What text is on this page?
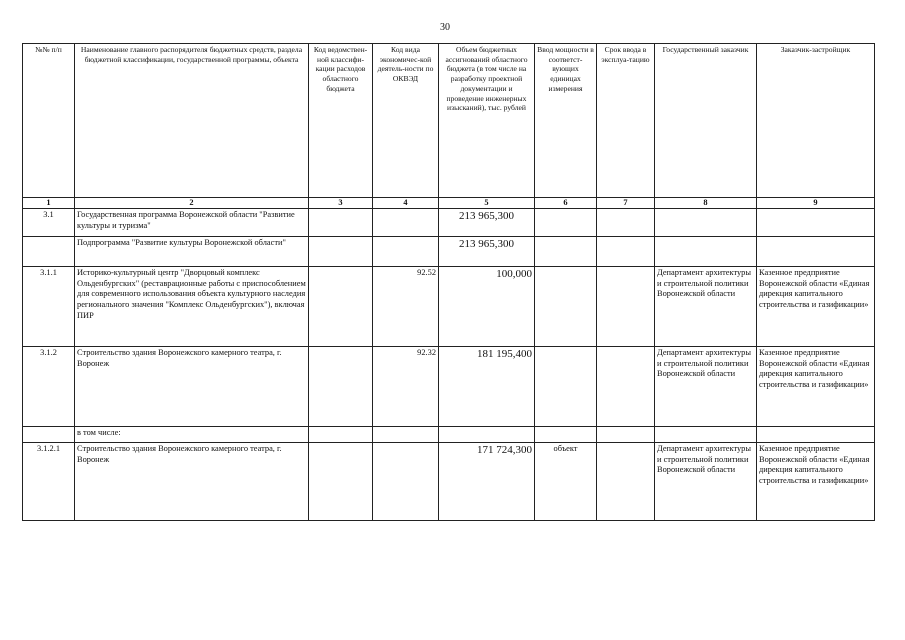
30
№№ п/п	Наименование главного распорядителя бюджетных средств, раздела бюджетной классификации, государственной программы, объекта	Код ведомствен-ной классифи-кации расходов областного бюджета	Код вида экономичес-кой деятель-ности по ОКВЭД	Объем бюджетных ассигнований областного бюджета (в том числе на разработку проектной документации и проведение инженерных изысканий), тыс. рублей	Ввод мощности в соответст-вующих единицах измерения	Срок ввода в эксплуа-тацию	Государственный заказчик	Заказчик-застройщик
1	2	3	4	5	6	7	8	9
3.1	Государственная программа Воронежской области "Развитие культуры и туризма"			213 965,300				
	Подпрограмма "Развитие культуры Воронежской области"			213 965,300				
3.1.1	Историко-культурный центр "Дворцовый комплекс Ольденбургских" (реставрационные работы с приспособлением для современного использования объекта культурного наследия регионального значения "Комплекс Ольденбургских"), включая ПИР		92.52	100,000			Департамент архитектуры и строительной политики Воронежской области	Казенное предприятие Воронежской области «Единая дирекция капитального строительства и газификации»
3.1.2	Строительство здания Воронежского камерного театра, г. Воронеж		92.32	181 195,400			Департамент архитектуры и строительной политики Воронежской области	Казенное предприятие Воронежской области «Единая дирекция капитального строительства и газификации»
	в том числе:							
3.1.2.1	Строительство здания Воронежского камерного театра, г. Воронеж			171 724,300	объект		Департамент архитектуры и строительной политики Воронежской области	Казенное предприятие Воронежской области «Единая дирекция капитального строительства и газификации»
